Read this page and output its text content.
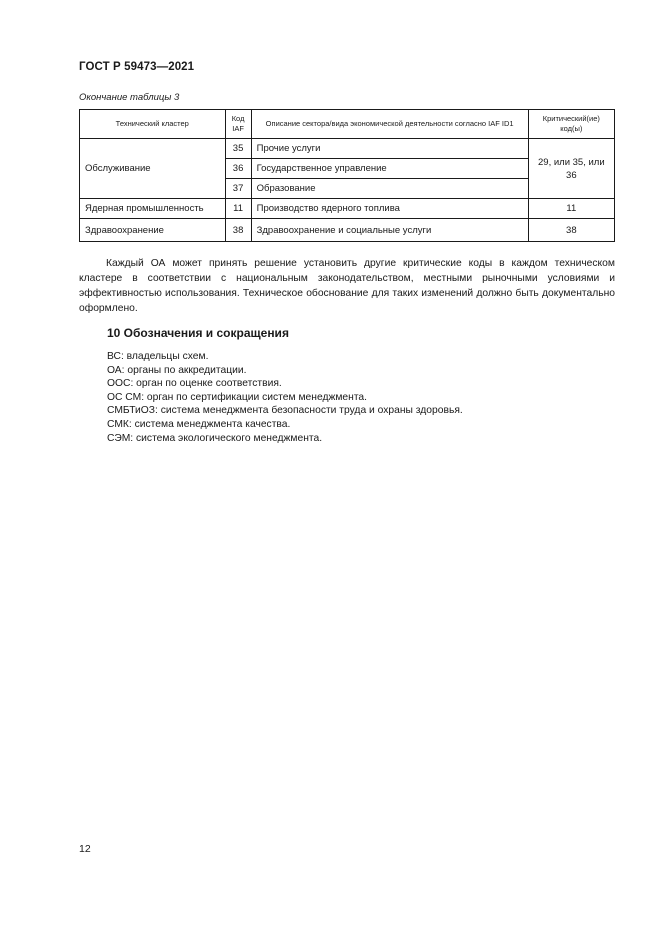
ГОСТ Р 59473—2021
Окончание таблицы 3
Технический кластер	Код IAF	Описание сектора/вида экономической деятельности согласно IAF ID1	Критический(ие) код(ы)
Обслуживание	35	Прочие услуги	29, или 35, или 36
	36	Государственное управление	
	37	Образование	
Ядерная промышленность	11	Производство ядерного топлива	11
Здравоохранение	38	Здравоохранение и социальные услуги	38

Каждый ОА может принять решение установить другие критические коды в каждом техническом кластере в соответствии с национальным законодательством, местными рыночными условиями и эффективностью использования. Техническое обоснование для таких изменений должно быть документально оформлено.

10 Обозначения и сокращения
ВС: владельцы схем.
ОА: органы по аккредитации.
ООС: орган по оценке соответствия.
ОС СМ: орган по сертификации систем менеджмента.
СМБТиОЗ: система менеджмента безопасности труда и охраны здоровья.
СМК: система менеджмента качества.
СЭМ: система экологического менеджмента.
12
